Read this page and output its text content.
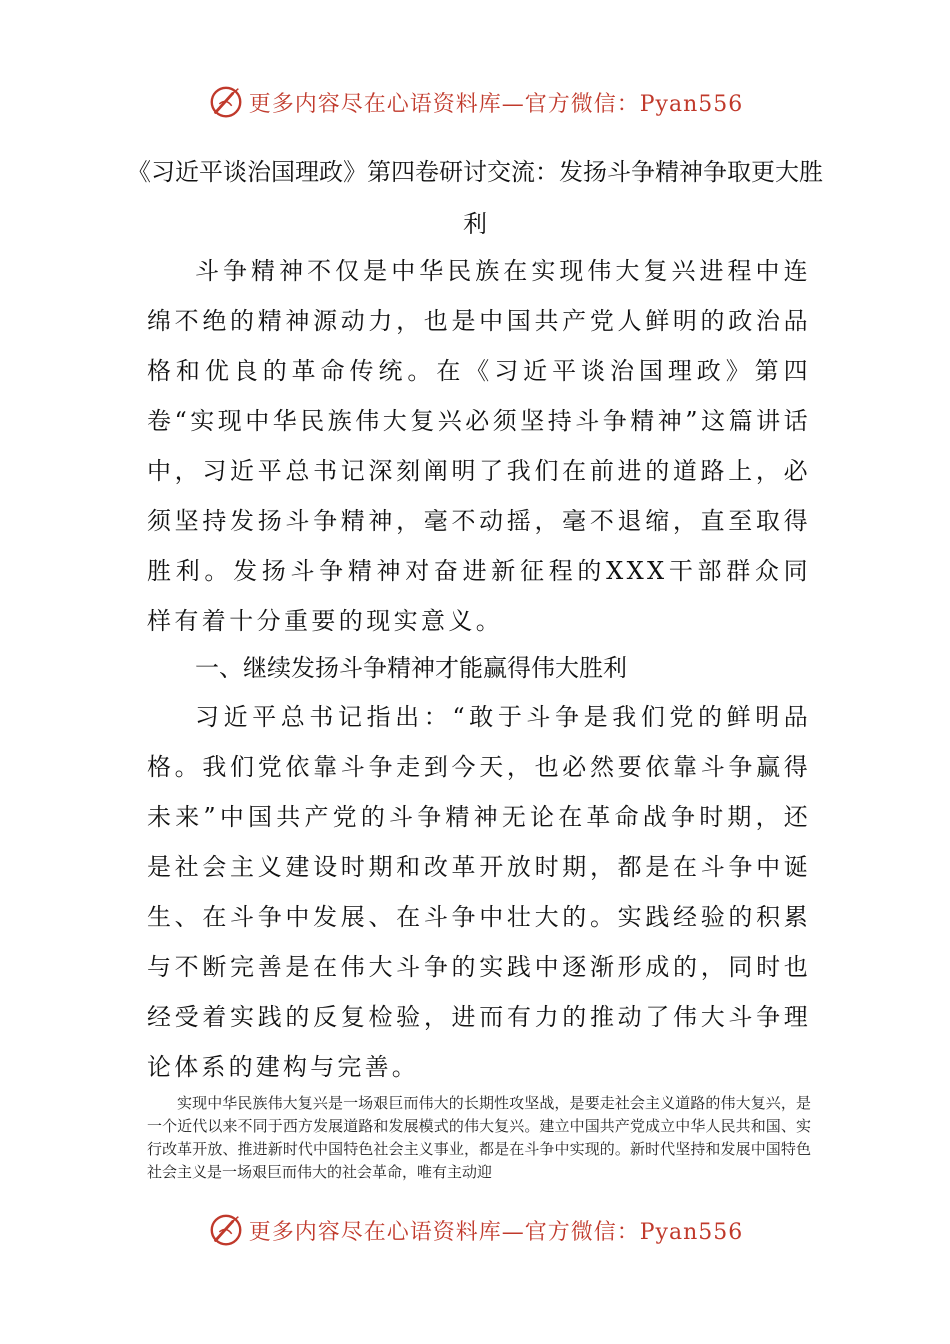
更多内容尽在心语资料库—官方微信：Pyan556
《习近平谈治国理政》第四卷研讨交流：发扬斗争精神争取更大胜利

斗争精神不仅是中华民族在实现伟大复兴进程中连绵不绝的精神源动力，也是中国共产党人鲜明的政治品格和优良的革命传统。在《习近平谈治国理政》第四卷“实现中华民族伟大复兴必须坚持斗争精神”这篇讲话中，习近平总书记深刻阐明了我们在前进的道路上，必须坚持发扬斗争精神，毫不动摇，毫不退缩，直至取得胜利。发扬斗争精神对奋进新征程的XXX干部群众同样有着十分重要的现实意义。

一、继续发扬斗争精神才能赢得伟大胜利

习近平总书记指出：“敢于斗争是我们党的鲜明品格。我们党依靠斗争走到今天，也必然要依靠斗争赢得未来”中国共产党的斗争精神无论在革命战争时期，还是社会主义建设时期和改革开放时期，都是在斗争中诞生、在斗争中发展、在斗争中壮大的。实践经验的积累与不断完善是在伟大斗争的实践中逐渐形成的，同时也经受着实践的反复检验，进而有力的推动了伟大斗争理论体系的建构与完善。

实现中华民族伟大复兴是一场艰巨而伟大的长期性攻坚战，是要走社会主义道路的伟大复兴，是一个近代以来不同于西方发展道路和发展模式的伟大复兴。建立中国共产党成立中华人民共和国、实行改革开放、推进新时代中国特色社会主义事业，都是在斗争中实现的。新时代坚持和发展中国特色社会主义是一场艰巨而伟大的社会革命，唯有主动迎

更多内容尽在心语资料库—官方微信：Pyan556
